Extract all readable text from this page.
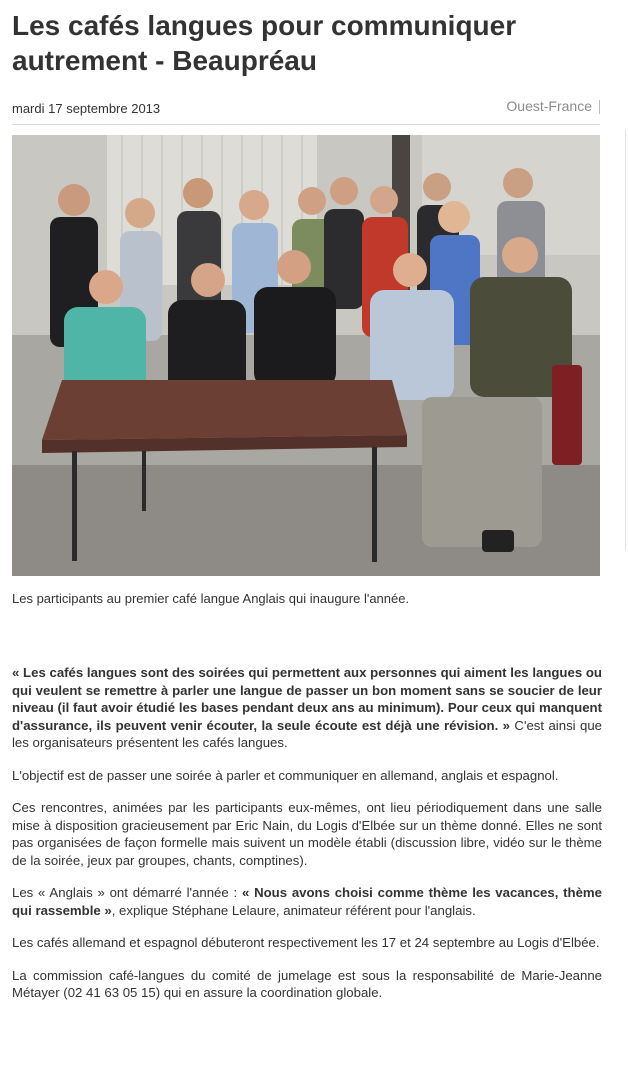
Les cafés langues pour communiquer autrement - Beaupréau
mardi 17 septembre 2013	Ouest-France
Les participants au premier café langue Anglais qui inaugure l'année.

« Les cafés langues sont des soirées qui permettent aux personnes qui aiment les langues ou qui veulent se remettre à parler une langue de passer un bon moment sans se soucier de leur niveau (il faut avoir étudié les bases pendant deux ans au minimum). Pour ceux qui manquent d'assurance, ils peuvent venir écouter, la seule écoute est déjà une révision. » C'est ainsi que les organisateurs présentent les cafés langues.

L'objectif est de passer une soirée à parler et communiquer en allemand, anglais et espagnol.

Ces rencontres, animées par les participants eux-mêmes, ont lieu périodiquement dans une salle mise à disposition gracieusement par Eric Nain, du Logis d'Elbée sur un thème donné. Elles ne sont pas organisées de façon formelle mais suivent un modèle établi (discussion libre, vidéo sur le thème de la soirée, jeux par groupes, chants, comptines).

Les « Anglais » ont démarré l'année : « Nous avons choisi comme thème les vacances, thème qui rassemble », explique Stéphane Lelaure, animateur référent pour l'anglais.

Les cafés allemand et espagnol débuteront respectivement les 17 et 24 septembre au Logis d'Elbée.

La commission café-langues du comité de jumelage est sous la responsabilité de Marie-Jeanne Métayer (02 41 63 05 15) qui en assure la coordination globale.
